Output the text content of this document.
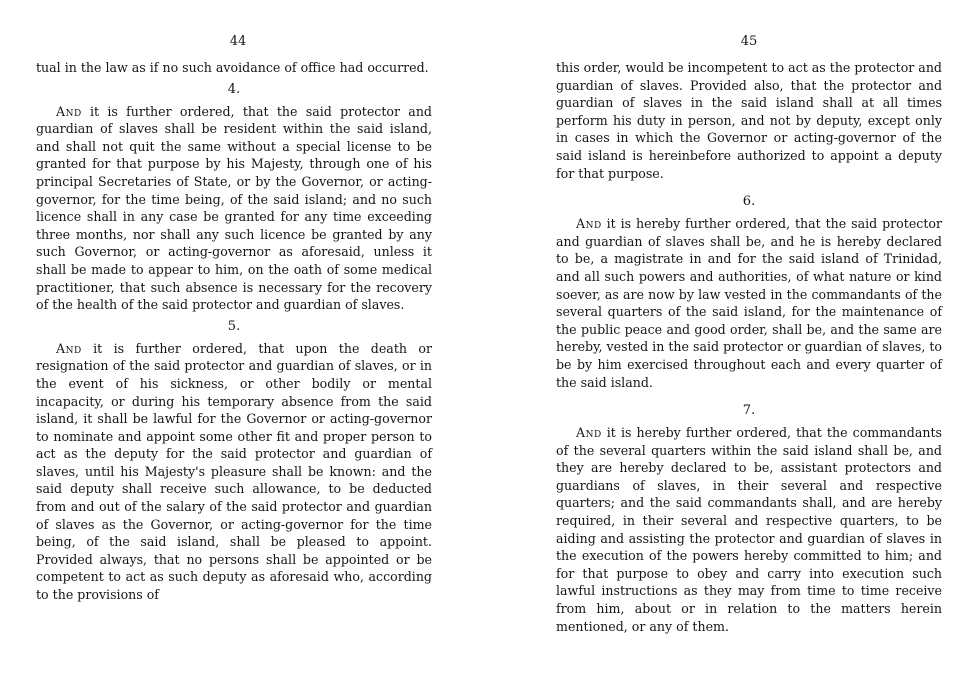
44

tual in the law as if no such avoidance of office had occurred.

4.

And it is further ordered, that the said protector and guardian of slaves shall be resident within the said island, and shall not quit the same without a special license to be granted for that purpose by his Majesty, through one of his principal Secretaries of State, or by the Governor, or acting-governor, for the time being, of the said island; and no such licence shall in any case be granted for any time exceeding three months, nor shall any such licence be granted by any such Governor, or acting-governor as aforesaid, unless it shall be made to appear to him, on the oath of some medical practitioner, that such absence is necessary for the recovery of the health of the said protector and guardian of slaves.

5.

And it is further ordered, that upon the death or resignation of the said protector and guardian of slaves, or in the event of his sickness, or other bodily or mental incapacity, or during his temporary absence from the said island, it shall be lawful for the Governor or acting-governor to nominate and appoint some other fit and proper person to act as the deputy for the said protector and guardian of slaves, until his Majesty's pleasure shall be known: and the said deputy shall receive such allowance, to be deducted from and out of the salary of the said protector and guardian of slaves as the Governor, or acting-governor for the time being, of the said island, shall be pleased to appoint. Provided always, that no persons shall be appointed or be competent to act as such deputy as aforesaid who, according to the provisions of

45

this order, would be incompetent to act as the protector and guardian of slaves. Provided also, that the protector and guardian of slaves in the said island shall at all times perform his duty in person, and not by deputy, except only in cases in which the Governor or acting-governor of the said island is hereinbefore authorized to appoint a deputy for that purpose.

6.

And it is hereby further ordered, that the said protector and guardian of slaves shall be, and he is hereby declared to be, a magistrate in and for the said island of Trinidad, and all such powers and authorities, of what nature or kind soever, as are now by law vested in the commandants of the several quarters of the said island, for the maintenance of the public peace and good order, shall be, and the same are hereby, vested in the said protector or guardian of slaves, to be by him exercised throughout each and every quarter of the said island.

7.

And it is hereby further ordered, that the commandants of the several quarters within the said island shall be, and they are hereby declared to be, assistant protectors and guardians of slaves, in their several and respective quarters; and the said commandants shall, and are hereby required, in their several and respective quarters, to be aiding and assisting the protector and guardian of slaves in the execution of the powers hereby committed to him; and for that purpose to obey and carry into execution such lawful instructions as they may from time to time receive from him, about or in relation to the matters herein mentioned, or any of them.
